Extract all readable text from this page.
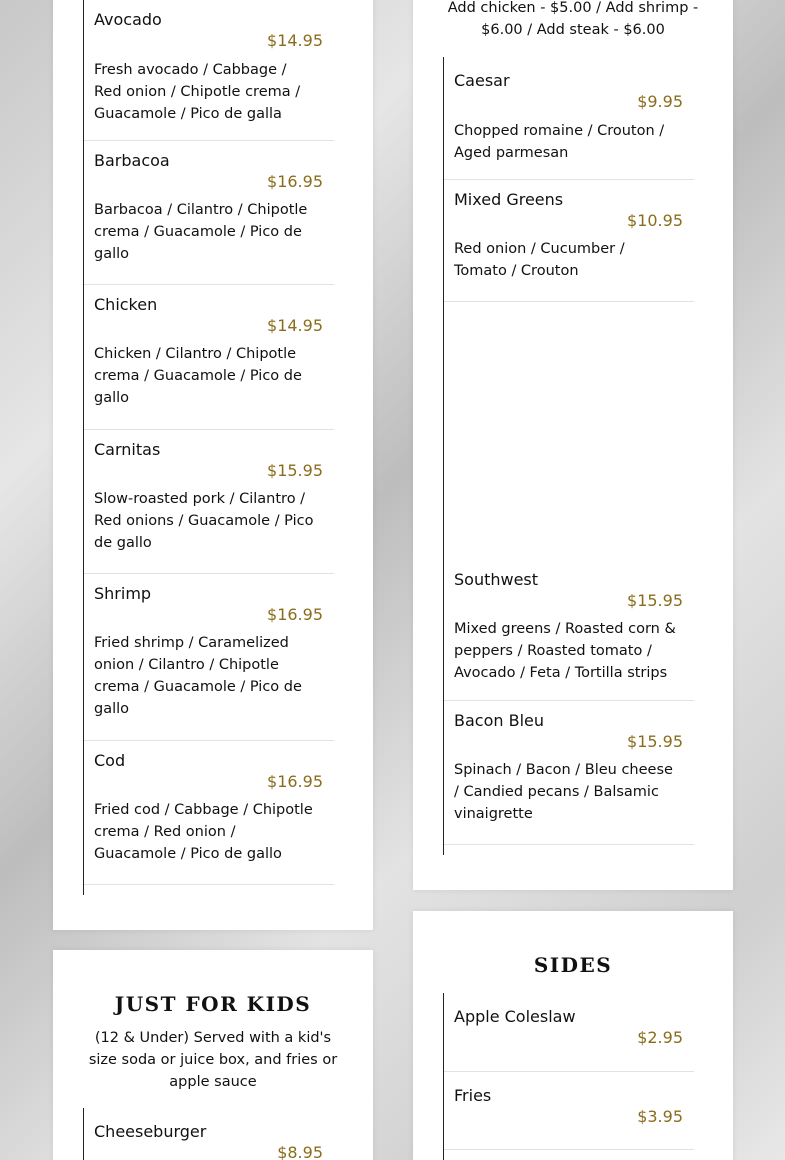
Avocado
$14.95
Fresh avocado / Cabbage / Red onion / Chipotle crema / Guacamole / Pico de galla
Barbacoa
$16.95
Barbacoa / Cilantro / Chipotle crema / Guacamole / Pico de gallo
Chicken
$14.95
Chicken / Cilantro / Chipotle crema / Guacamole / Pico de gallo
Carnitas
$15.95
Slow-roasted pork / Cilantro / Red onions / Guacamole / Pico de gallo
Shrimp
$16.95
Fried shrimp / Caramelized onion / Cilantro / Chipotle crema / Guacamole / Pico de gallo
Cod
$16.95
Fried cod / Cabbage / Chipotle crema / Red onion / Guacamole / Pico de gallo
Add chicken - $5.00 / Add shrimp - $6.00 / Add steak - $6.00
Caesar
$9.95
Chopped romaine / Crouton / Aged parmesan
Mixed Greens
$10.95
Red onion / Cucumber / Tomato / Crouton
Southwest
$15.95
Mixed greens / Roasted corn & peppers / Roasted tomato / Avocado / Feta / Tortilla strips
Bacon Bleu
$15.95
Spinach / Bacon / Bleu cheese / Candied pecans / Balsamic vinaigrette
JUST FOR KIDS
(12 & Under) Served with a kid's size soda or juice box, and fries or apple sauce
Cheeseburger
$8.95
SIDES
Apple Coleslaw
$2.95
Fries
$3.95
